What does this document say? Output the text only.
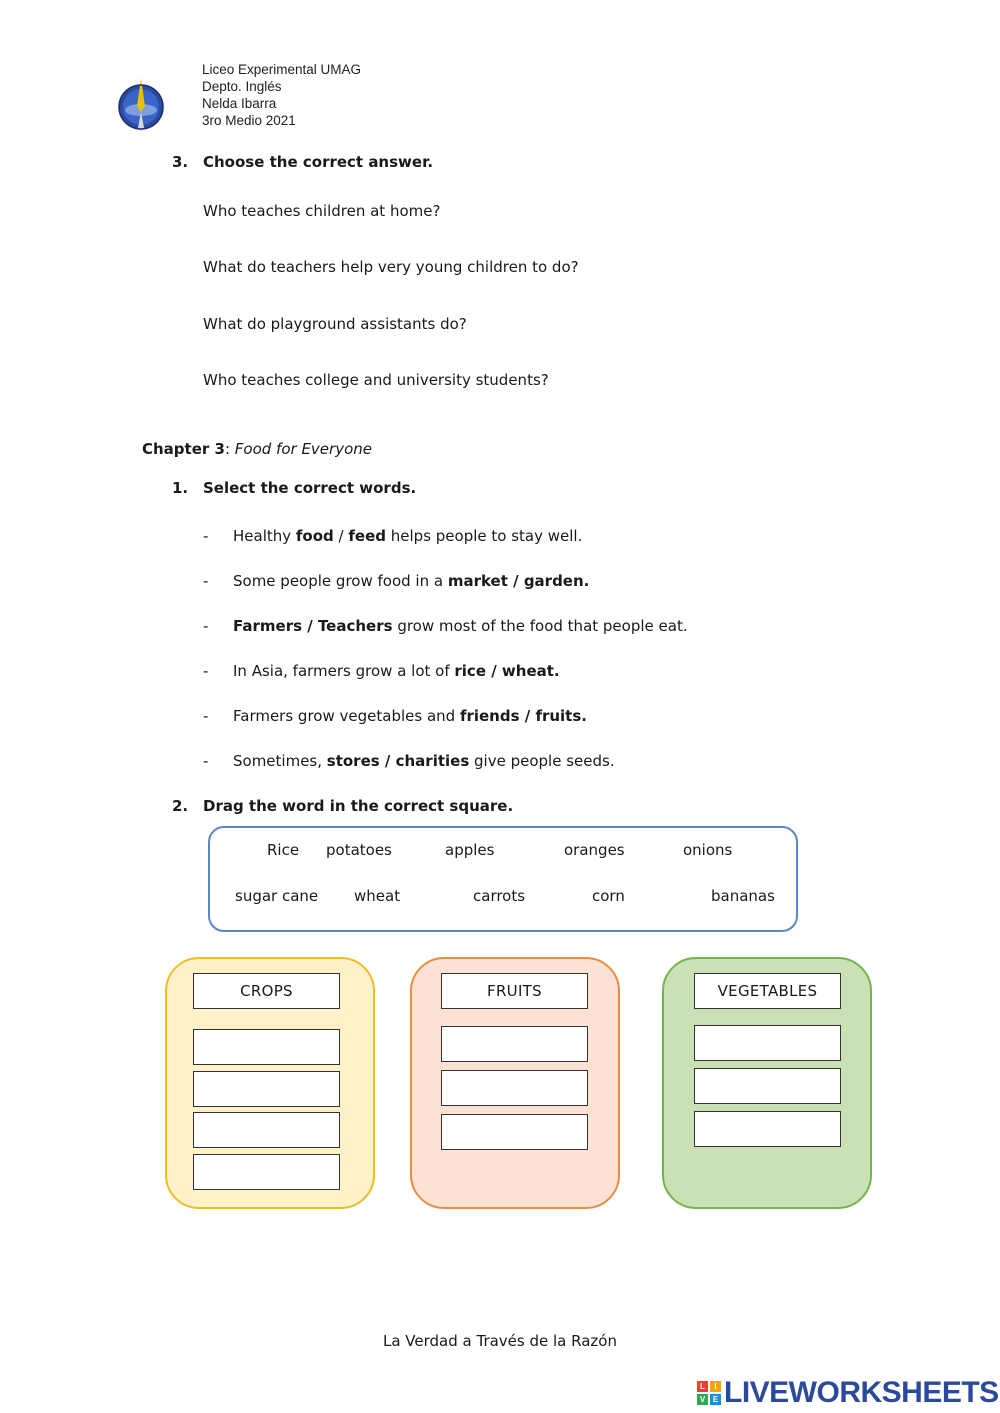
Liceo Experimental UMAG
Depto. Inglés
Nelda Ibarra
3ro Medio 2021
3. Choose the correct answer.
Who teaches children at home?
What do teachers help very young children to do?
What do playground assistants do?
Who teaches college and university students?
Chapter 3: Food for Everyone
1. Select the correct words.
- Healthy food / feed helps people to stay well.
- Some people grow food in a market / garden.
- Farmers / Teachers grow most of the food that people eat.
- In Asia, farmers grow a lot of rice / wheat.
- Farmers grow vegetables and friends / fruits.
- Sometimes, stores / charities give people seeds.
2. Drag the word in the correct square.
Rice potatoes	apples	oranges	onions
sugar cane wheat	carrots	corn	bananas
CROPS	FRUITS	VEGETABLES
La Verdad a Través de la Razón
L	I
V E LIVEWORKSHEETS
